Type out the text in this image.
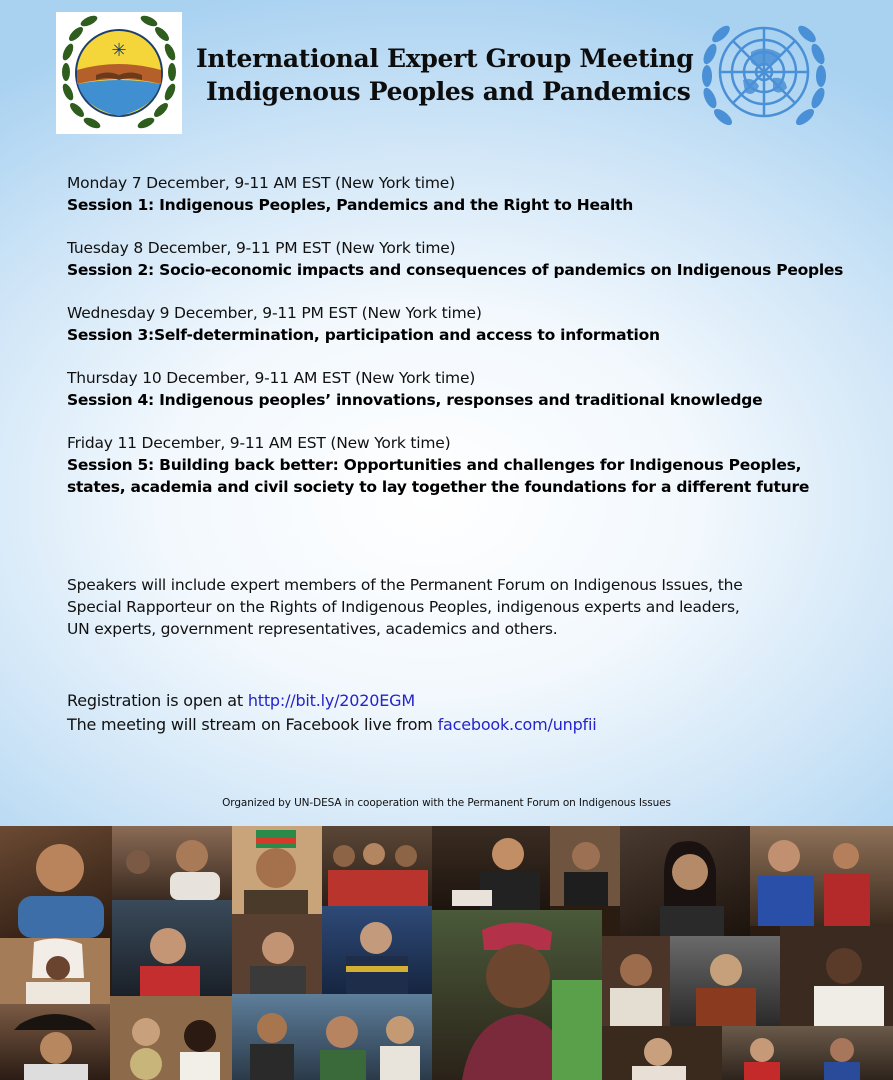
✳	International Expert Group Meeting
Indigenous Peoples and Pandemics
Monday 7 December, 9-11 AM EST (New York time)
Session 1: Indigenous Peoples, Pandemics and the Right to Health
Tuesday 8 December, 9-11 PM EST (New York time)
Session 2: Socio-economic impacts and consequences of pandemics on Indigenous Peoples
Wednesday 9 December, 9-11 PM EST (New York time)
Session 3:Self-determination, participation and access to information
Thursday 10 December, 9-11 AM EST (New York time)
Session 4: Indigenous peoples’ innovations, responses and traditional knowledge
Friday 11 December, 9-11 AM EST (New York time)
Session 5: Building back better: Opportunities and challenges for Indigenous Peoples,
states, academia and civil society to lay together the foundations for a different future
Speakers will include expert members of the Permanent Forum on Indigenous Issues, the
Special Rapporteur on the Rights of Indigenous Peoples, indigenous experts and leaders,
UN experts, government representatives, academics and others.
Registration is open at http://bit.ly/2020EGM
The meeting will stream on Facebook live from facebook.com/unpfii
Organized by UN-DESA in cooperation with the Permanent Forum on Indigenous Issues
